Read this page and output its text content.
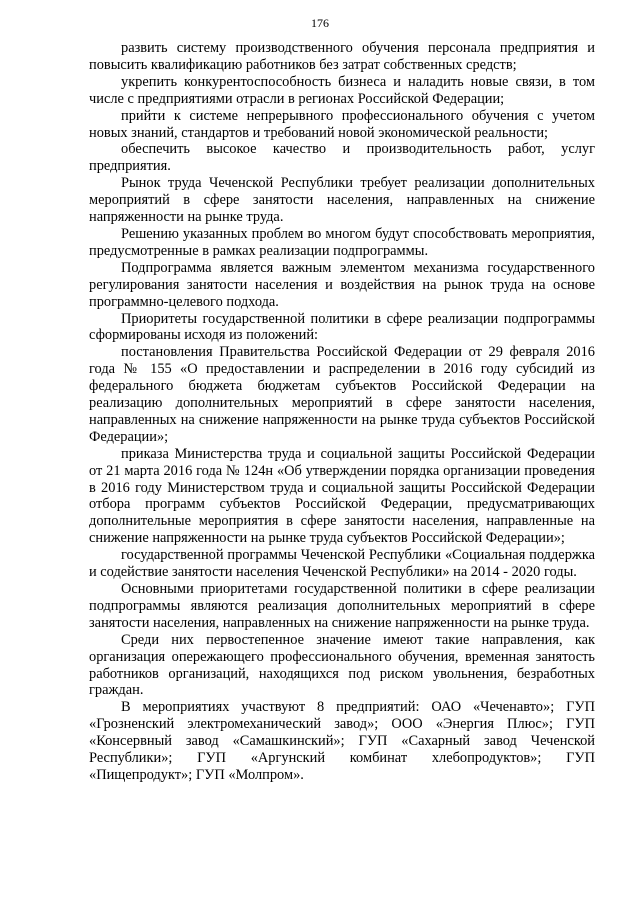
176

развить систему производственного обучения персонала предприятия и повысить квалификацию работников без затрат собственных средств;

укрепить конкурентоспособность бизнеса и наладить новые связи, в том числе с предприятиями отрасли в регионах Российской Федерации;

прийти к системе непрерывного профессионального обучения с учетом новых знаний, стандартов и требований новой экономической реальности;

обеспечить высокое качество и производительность работ, услуг предприятия.

Рынок труда Чеченской Республики требует реализации дополнительных мероприятий в сфере занятости населения, направленных на снижение напряженности на рынке труда.

Решению указанных проблем во многом будут способствовать мероприятия, предусмотренные в рамках реализации подпрограммы.

Подпрограмма является важным элементом механизма государственного регулирования занятости населения и воздействия на рынок труда на основе программно-целевого подхода.

Приоритеты государственной политики в сфере реализации подпрограммы сформированы исходя из положений:

постановления Правительства Российской Федерации от 29 февраля 2016 года № 155 «О предоставлении и распределении в 2016 году субсидий из федерального бюджета бюджетам субъектов Российской Федерации на реализацию дополнительных мероприятий в сфере занятости населения, направленных на снижение напряженности на рынке труда субъектов Российской Федерации»;

приказа Министерства труда и социальной защиты Российской Федерации от 21 марта 2016 года № 124н «Об утверждении порядка организации проведения в 2016 году Министерством труда и социальной защиты Российской Федерации отбора программ субъектов Российской Федерации, предусматривающих дополнительные мероприятия в сфере занятости населения, направленные на снижение напряженности на рынке труда субъектов Российской Федерации»;

государственной программы Чеченской Республики «Социальная поддержка и содействие занятости населения Чеченской Республики» на 2014 - 2020 годы.

Основными приоритетами государственной политики в сфере реализации подпрограммы являются реализация дополнительных мероприятий в сфере занятости населения, направленных на снижение напряженности на рынке труда.

Среди них первостепенное значение имеют такие направления, как организация опережающего профессионального обучения, временная занятость работников организаций, находящихся под риском увольнения, безработных граждан.

В мероприятиях участвуют 8 предприятий: ОАО «Чеченавто»; ГУП «Грозненский электромеханический завод»; ООО «Энергия Плюс»; ГУП «Консервный завод «Самашкинский»; ГУП «Сахарный завод Чеченской Республики»; ГУП «Аргунский комбинат хлебопродуктов»; ГУП «Пищепродукт»; ГУП «Молпром».
